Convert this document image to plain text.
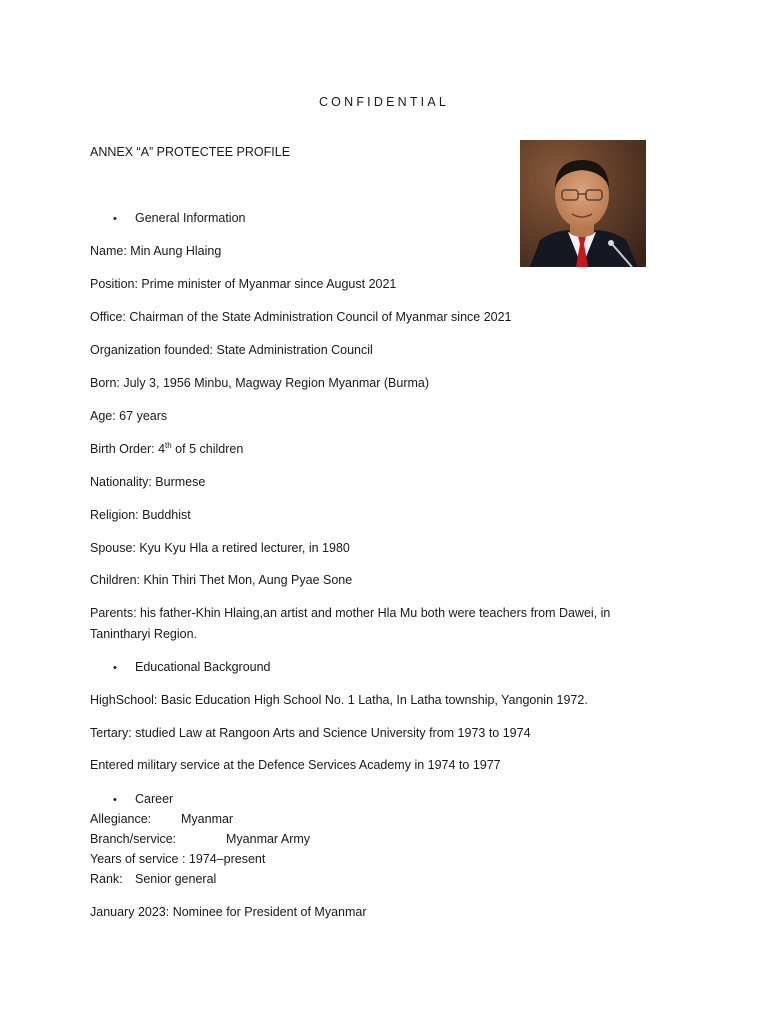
CONFIDENTIAL
ANNEX “A” PROTECTEE PROFILE
• General Information
Name: Min Aung Hlaing
Position: Prime minister of Myanmar since August 2021
Office: Chairman of the State Administration Council of Myanmar since 2021
Organization founded: State Administration Council
Born: July 3, 1956 Minbu, Magway Region Myanmar (Burma)
Age: 67 years
Birth Order: 4th of 5 children
Nationality: Burmese
Religion: Buddhist
Spouse: Kyu Kyu Hla a retired lecturer, in 1980
Children: Khin Thiri Thet Mon, Aung Pyae Sone
Parents: his father-Khin Hlaing,an artist and mother Hla Mu both were teachers from Dawei, in Tanintharyi Region.
• Educational Background
HighSchool: Basic Education High School No. 1 Latha, In Latha township, Yangonin 1972.
Tertary: studied Law at Rangoon Arts and Science University from 1973 to 1974
Entered military service at the Defence Services Academy in 1974 to 1977
• Career
Allegiance: Myanmar
Branch/service:	Myanmar Army
Years of service : 1974–present
Rank: Senior general
January 2023: Nominee for President of Myanmar
